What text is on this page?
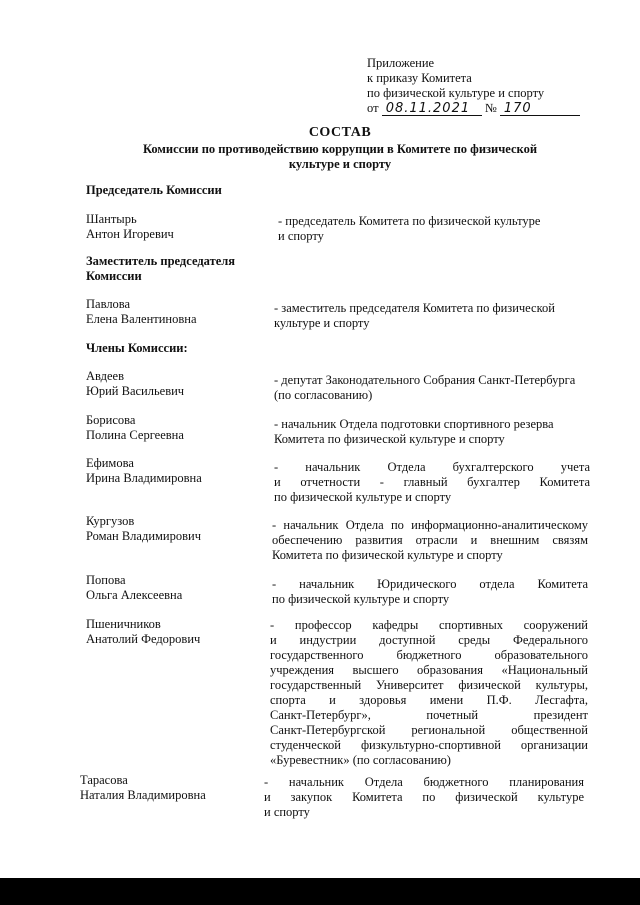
Приложение
к приказу Комитета
по физической культуре и спорту
от 08.11.2021 № 170
СОСТАВ
Комиссии по противодействию коррупции в Комитете по физической
культуре и спорту
Председатель Комиссии
Шантырь
Антон Игоревич
- председатель Комитета по физической культуре
и спорту
Заместитель председателя
Комиссии
Павлова
Елена Валентиновна
- заместитель председателя Комитета по физической
культуре и спорту
Члены Комиссии:
Авдеев
Юрий Васильевич
- депутат Законодательного Собрания Санкт-Петербурга
(по согласованию)
Борисова
Полина Сергеевна
- начальник Отдела подготовки спортивного резерва
Комитета по физической культуре и спорту
Ефимова
Ирина Владимировна
- начальник Отдела бухгалтерского учета
и отчетности - главный бухгалтер Комитета
по физической культуре и спорту
Кургузов
Роман Владимирович
- начальник Отдела по информационно-аналитическому
обеспечению развития отрасли и внешним связям
Комитета по физической культуре и спорту
Попова
Ольга Алексеевна
- начальник Юридического отдела Комитета
по физической культуре и спорту
Пшеничников
Анатолий Федорович
- профессор кафедры спортивных сооружений
и индустрии доступной среды Федерального
государственного бюджетного образовательного
учреждения высшего образования «Национальный
государственный Университет физической культуры,
спорта и здоровья имени П.Ф. Лесгафта,
Санкт-Петербург», почетный президент
Санкт-Петербургской региональной общественной
студенческой физкультурно-спортивной организации
«Буревестник» (по согласованию)
Тарасова
Наталия Владимировна
- начальник Отдела бюджетного планирования
и закупок Комитета по физической культуре
и спорту
